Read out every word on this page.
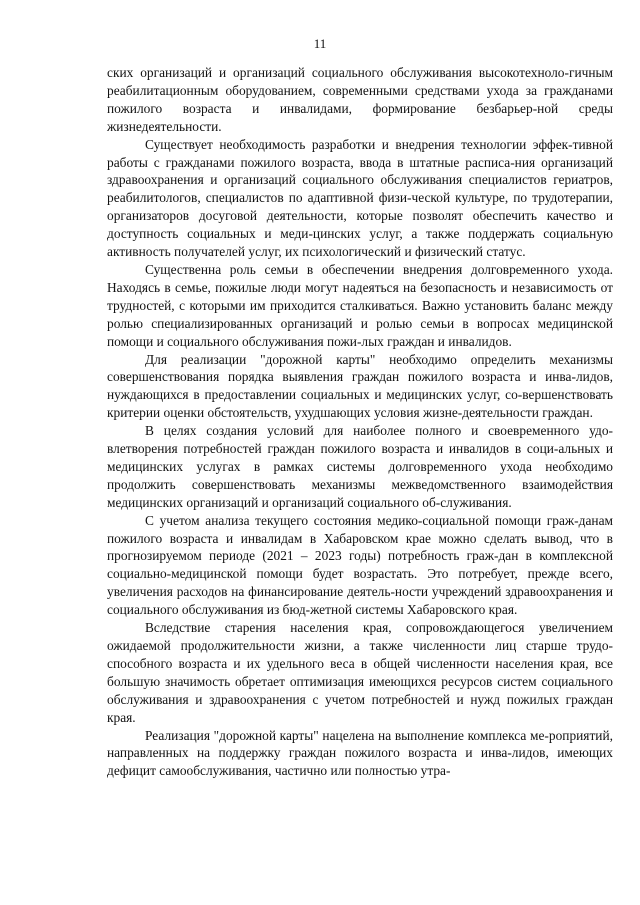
11

ских организаций и организаций социального обслуживания высокотехноло-гичным реабилитационным оборудованием, современными средствами ухода за гражданами пожилого возраста и инвалидами, формирование безбарьер-ной среды жизнедеятельности.

Существует необходимость разработки и внедрения технологии эффек-тивной работы с гражданами пожилого возраста, ввода в штатные расписа-ния организаций здравоохранения и организаций социального обслуживания специалистов гериатров, реабилитологов, специалистов по адаптивной физи-ческой культуре, по трудотерапии, организаторов досуговой деятельности, которые позволят обеспечить качество и доступность социальных и меди-цинских услуг, а также поддержать социальную активность получателей услуг, их психологический и физический статус.

Существенна роль семьи в обеспечении внедрения долговременного ухода. Находясь в семье, пожилые люди могут надеяться на безопасность и независимость от трудностей, с которыми им приходится сталкиваться. Важно установить баланс между ролью специализированных организаций и ролью семьи в вопросах медицинской помощи и социального обслуживания пожи-лых граждан и инвалидов.

Для реализации "дорожной карты" необходимо определить механизмы совершенствования порядка выявления граждан пожилого возраста и инва-лидов, нуждающихся в предоставлении социальных и медицинских услуг, со-вершенствовать критерии оценки обстоятельств, ухудшающих условия жизне-деятельности граждан.

В целях создания условий для наиболее полного и своевременного удо-влетворения потребностей граждан пожилого возраста и инвалидов в соци-альных и медицинских услугах в рамках системы долговременного ухода необходимо продолжить совершенствовать механизмы межведомственного взаимодействия медицинских организаций и организаций социального об-служивания.

С учетом анализа текущего состояния медико-социальной помощи граж-данам пожилого возраста и инвалидам в Хабаровском крае можно сделать вывод, что в прогнозируемом периоде (2021 – 2023 годы) потребность граж-дан в комплексной социально-медицинской помощи будет возрастать. Это потребует, прежде всего, увеличения расходов на финансирование деятель-ности учреждений здравоохранения и социального обслуживания из бюд-жетной системы Хабаровского края.

Вследствие старения населения края, сопровождающегося увеличением ожидаемой продолжительности жизни, а также численности лиц старше трудо-способного возраста и их удельного веса в общей численности населения края, все большую значимость обретает оптимизация имеющихся ресурсов систем социального обслуживания и здравоохранения с учетом потребностей и нужд пожилых граждан края.

Реализация "дорожной карты" нацелена на выполнение комплекса ме-роприятий, направленных на поддержку граждан пожилого возраста и инва-лидов, имеющих дефицит самообслуживания, частично или полностью утра-
